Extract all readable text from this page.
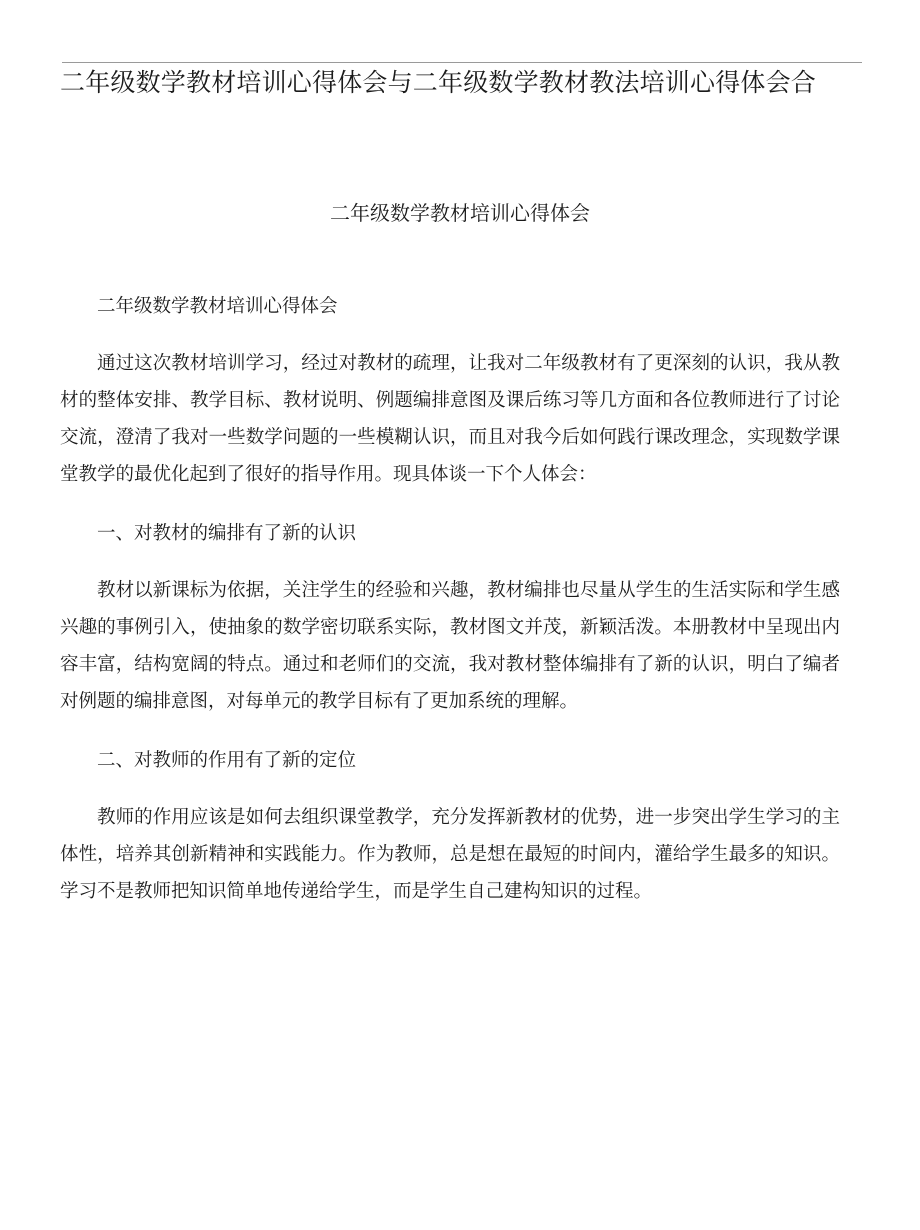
二年级数学教材培训心得体会与二年级数学教材教法培训心得体会合
二年级数学教材培训心得体会

二年级数学教材培训心得体会

通过这次教材培训学习，经过对教材的疏理，让我对二年级教材有了更深刻的认识，我从教材的整体安排、教学目标、教材说明、例题编排意图及课后练习等几方面和各位教师进行了讨论交流，澄清了我对一些数学问题的一些模糊认识，而且对我今后如何践行课改理念，实现数学课堂教学的最优化起到了很好的指导作用。现具体谈一下个人体会：

一、对教材的编排有了新的认识

教材以新课标为依据，关注学生的经验和兴趣，教材编排也尽量从学生的生活实际和学生感兴趣的事例引入，使抽象的数学密切联系实际，教材图文并茂，新颖活泼。本册教材中呈现出内容丰富，结构宽阔的特点。通过和老师们的交流，我对教材整体编排有了新的认识，明白了编者对例题的编排意图，对每单元的教学目标有了更加系统的理解。

二、对教师的作用有了新的定位

教师的作用应该是如何去组织课堂教学，充分发挥新教材的优势，进一步突出学生学习的主体性，培养其创新精神和实践能力。作为教师，总是想在最短的时间内，灌给学生最多的知识。学习不是教师把知识简单地传递给学生，而是学生自己建构知识的过程。
